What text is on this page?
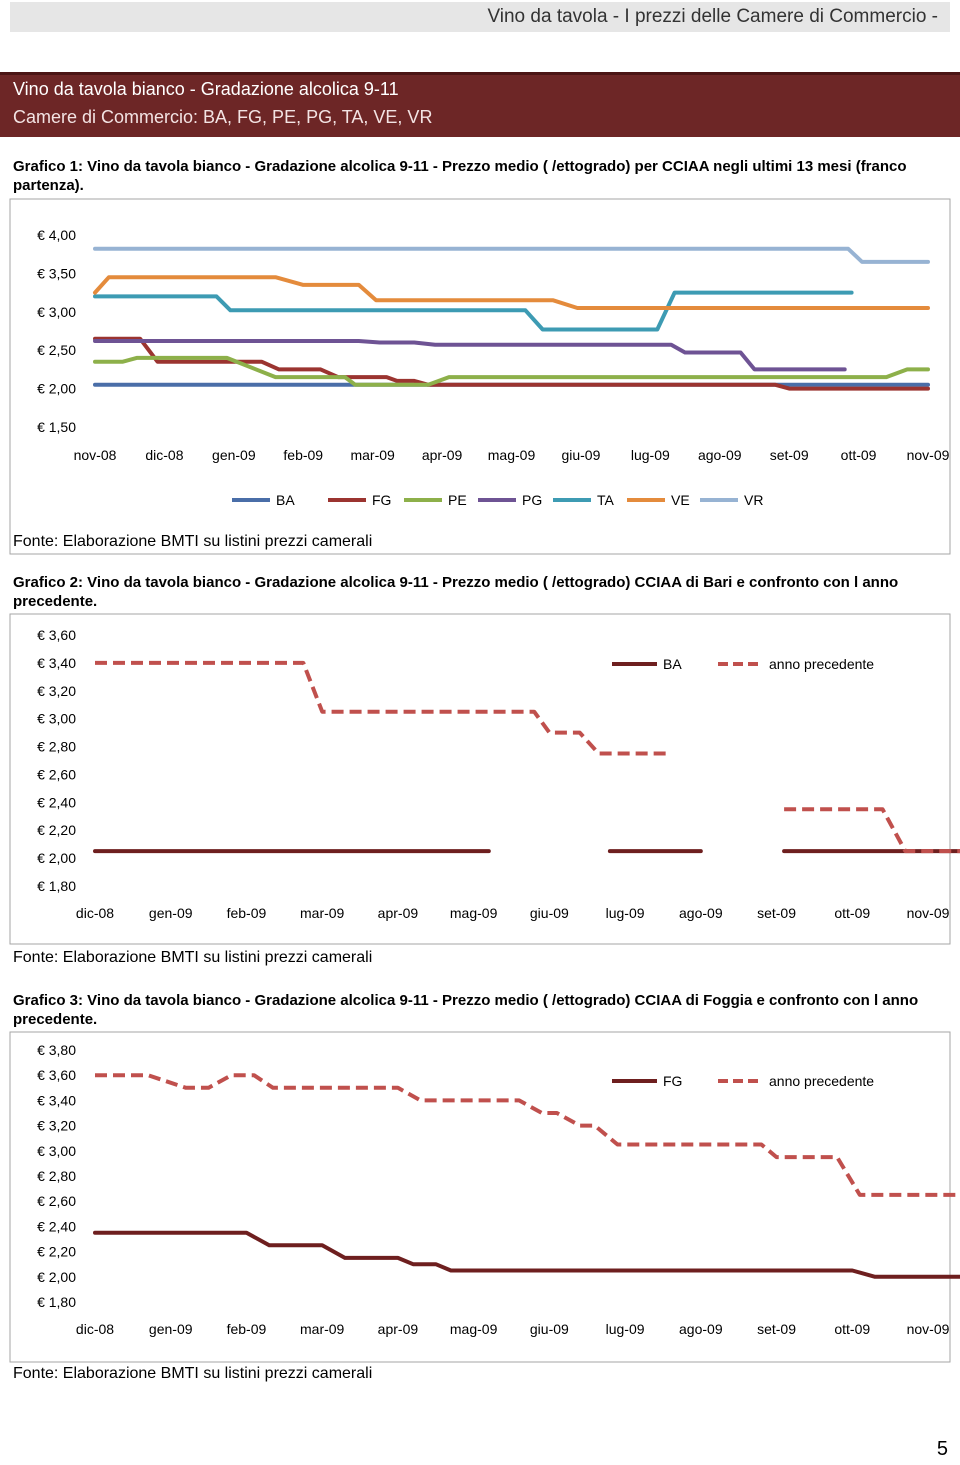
Vino da tavola - I prezzi delle Camere di Commercio -
Vino da tavola bianco - Gradazione alcolica 9-11
Camere di Commercio: BA, FG, PE, PG, TA, VE, VR
Grafico 1: Vino da tavola bianco - Gradazione alcolica 9-11 - Prezzo medio ( /ettogrado) per CCIAA negli ultimi 13 mesi (franco partenza).
€ 4,00
€ 3,50
€ 3,00
€ 2,50
€ 2,00
€ 1,50
nov-08 dic-08 gen-09 feb-09 mar-09 apr-09 mag-09 giu-09 lug-09 ago-09 set-09 ott-09 nov-09
BA	FG	PE	PG	TA	VE	VR
Fonte: Elaborazione BMTI su listini prezzi camerali
Grafico 2: Vino da tavola bianco - Gradazione alcolica 9-11 - Prezzo medio ( /ettogrado) CCIAA di Bari e confronto con l anno precedente.
€ 3,60
€ 3,40
€ 3,20
€ 3,00
€ 2,80
€ 2,60
€ 2,40
€ 2,20
€ 2,00
€ 1,80
dic-08 gen-09 feb-09 mar-09 apr-09 mag-09 giu-09	lug-09 ago-09 set-09	ott-09	nov-09
BA	anno precedente
Fonte: Elaborazione BMTI su listini prezzi camerali
Grafico 3: Vino da tavola bianco - Gradazione alcolica 9-11 - Prezzo medio ( /ettogrado) CCIAA di Foggia e confronto con l anno precedente.
€ 3,80
€ 3,60
€ 3,40
€ 3,20
€ 3,00
€ 2,80
€ 2,60
€ 2,40
€ 2,20
€ 2,00
€ 1,80
dic-08 gen-09 feb-09 mar-09 apr-09 mag-09 giu-09	lug-09 ago-09 set-09	ott-09	nov-09
FG	anno precedente
Fonte: Elaborazione BMTI su listini prezzi camerali
5
